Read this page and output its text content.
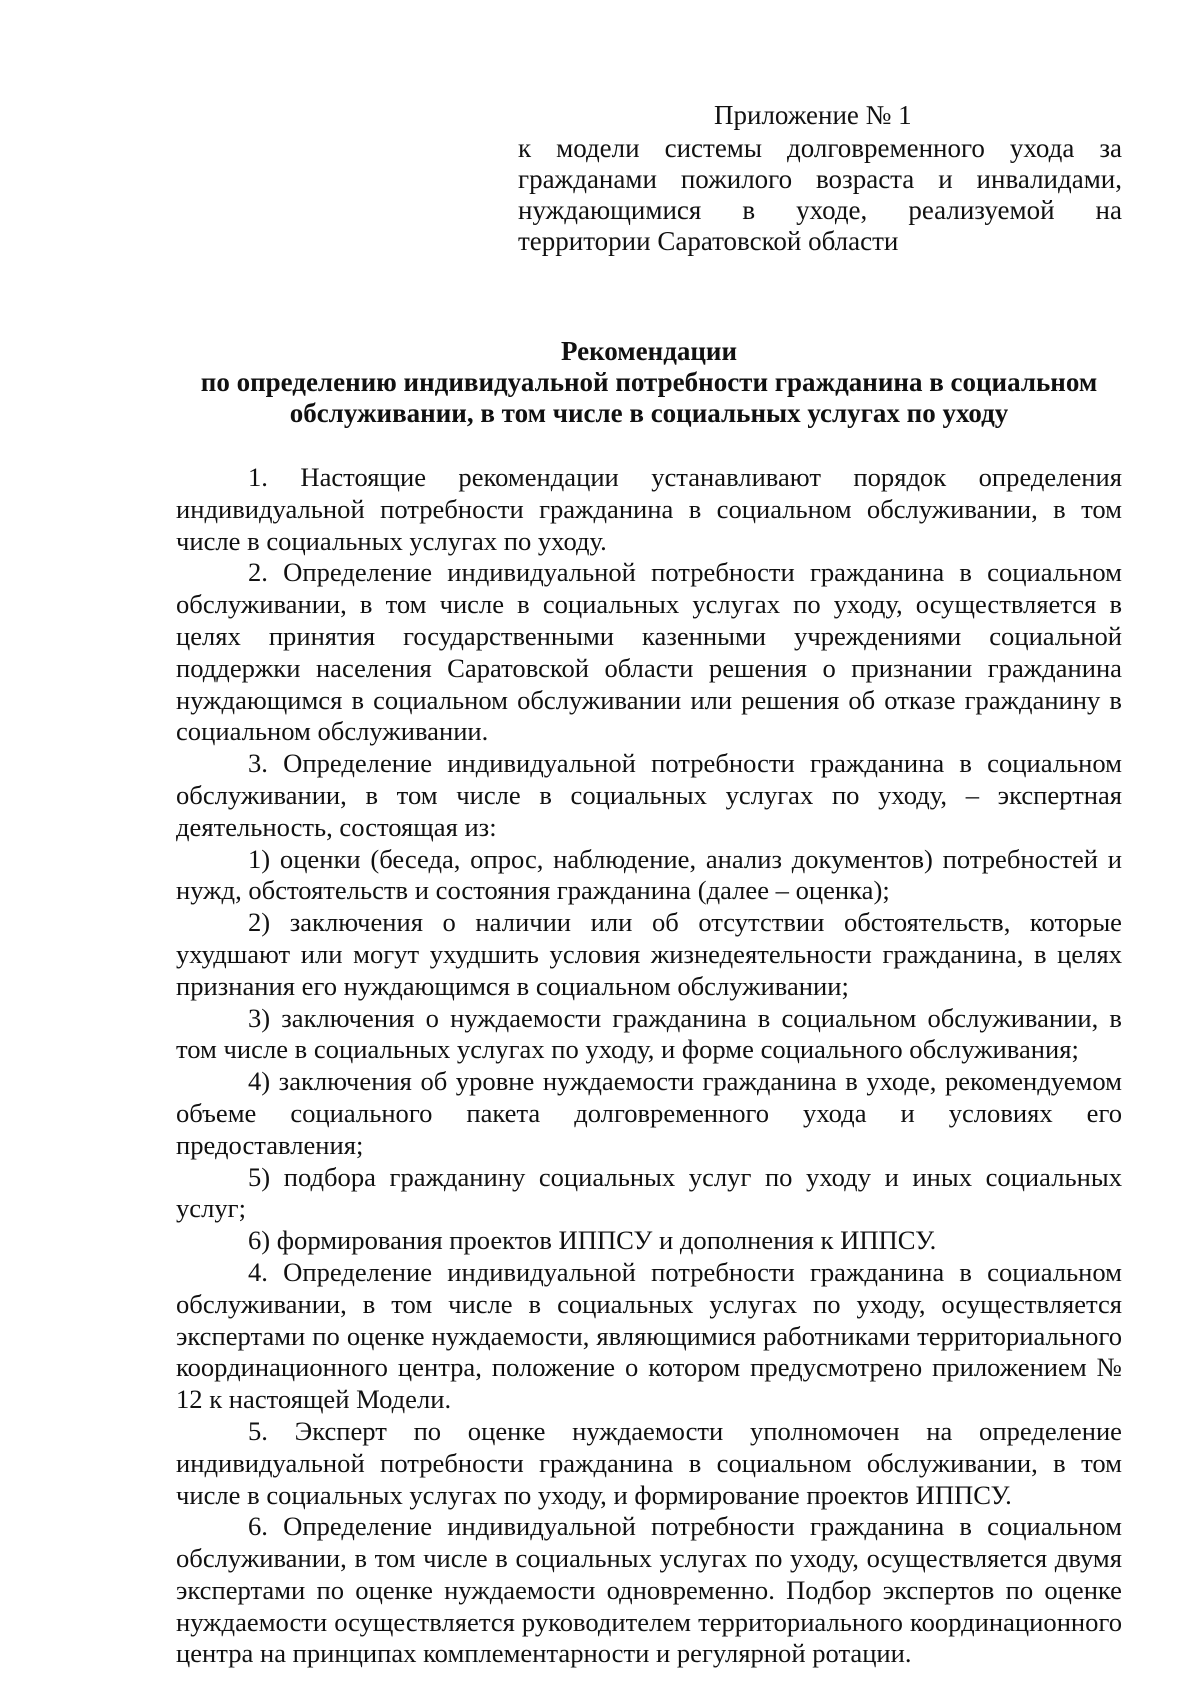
Приложение № 1

к модели системы долговременного ухода за гражданами пожилого возраста и инвалидами, нуждающимися в уходе, реализуемой на территории Саратовской области

Рекомендации

по определению индивидуальной потребности гражданина в социальном обслуживании, в том числе в социальных услугах по уходу

1. Настоящие рекомендации устанавливают порядок определения индивидуальной потребности гражданина в социальном обслуживании, в том числе в социальных услугах по уходу.

2. Определение индивидуальной потребности гражданина в социальном обслуживании, в том числе в социальных услугах по уходу, осуществляется в целях принятия государственными казенными учреждениями социальной поддержки населения Саратовской области решения о признании гражданина нуждающимся в социальном обслуживании или решения об отказе гражданину в социальном обслуживании.

3. Определение индивидуальной потребности гражданина в социальном обслуживании, в том числе в социальных услугах по уходу, – экспертная деятельность, состоящая из:

1) оценки (беседа, опрос, наблюдение, анализ документов) потребностей и нужд, обстоятельств и состояния гражданина (далее – оценка);

2) заключения о наличии или об отсутствии обстоятельств, которые ухудшают или могут ухудшить условия жизнедеятельности гражданина, в целях признания его нуждающимся в социальном обслуживании;

3) заключения о нуждаемости гражданина в социальном обслуживании, в том числе в социальных услугах по уходу, и форме социального обслуживания;

4) заключения об уровне нуждаемости гражданина в уходе, рекомендуемом объеме социального пакета долговременного ухода и условиях его предоставления;

5) подбора гражданину социальных услуг по уходу и иных социальных услуг;

6) формирования проектов ИППСУ и дополнения к ИППСУ.

4. Определение индивидуальной потребности гражданина в социальном обслуживании, в том числе в социальных услугах по уходу, осуществляется экспертами по оценке нуждаемости, являющимися работниками территориального координационного центра, положение о котором предусмотрено приложением № 12 к настоящей Модели.

5. Эксперт по оценке нуждаемости уполномочен на определение индивидуальной потребности гражданина в социальном обслуживании, в том числе в социальных услугах по уходу, и формирование проектов ИППСУ.

6. Определение индивидуальной потребности гражданина в социальном обслуживании, в том числе в социальных услугах по уходу, осуществляется двумя экспертами по оценке нуждаемости одновременно. Подбор экспертов по оценке нуждаемости осуществляется руководителем территориального координационного центра на принципах комплементарности и регулярной ротации.
